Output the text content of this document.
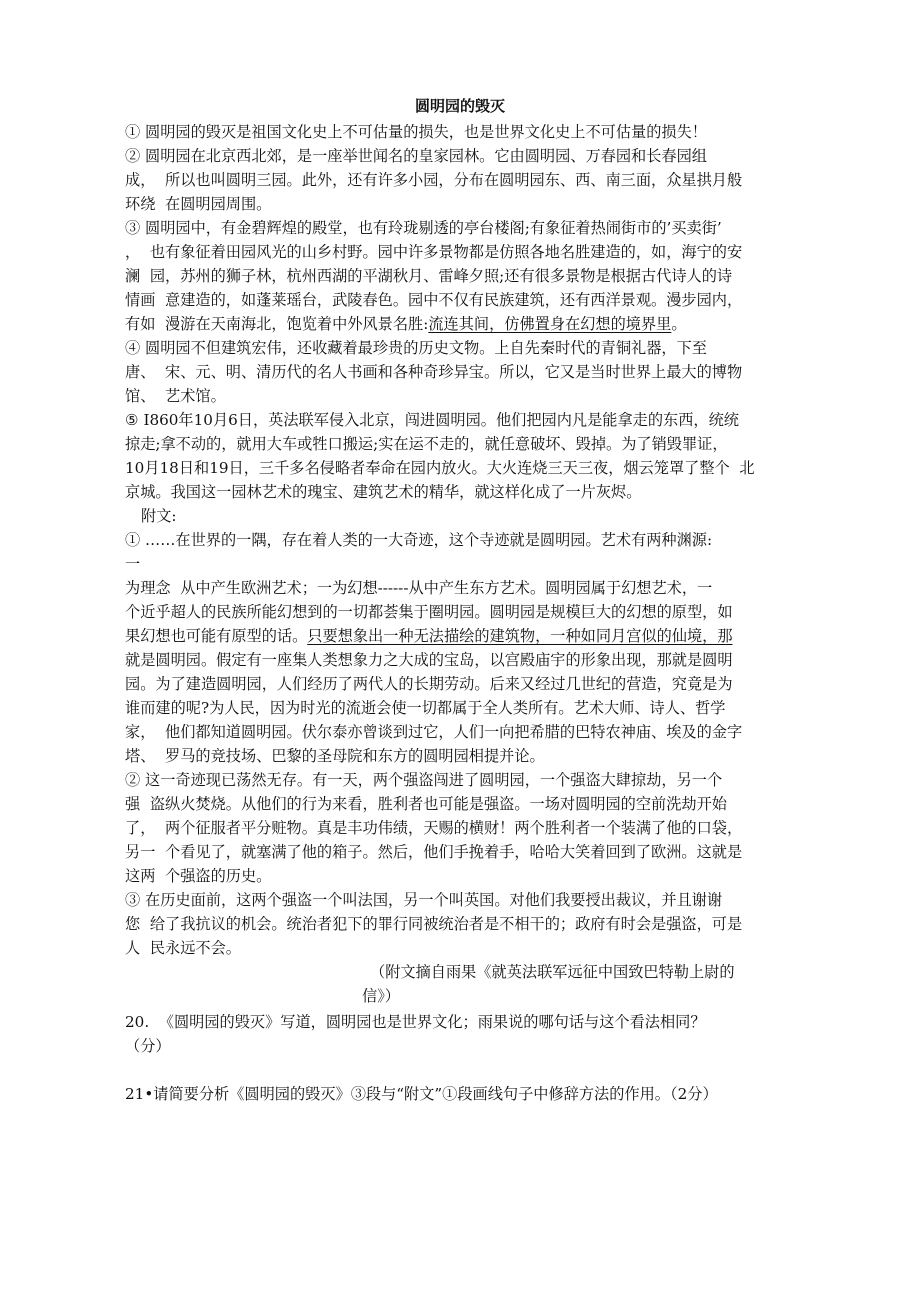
圆明园的毁灭
① 圆明园的毁灭是祖国文化史上不可估量的损失，也是世界文化史上不可估量的损失！
② 圆明园在北京西北郊，是一座举世闻名的皇家园林。它由圆明园、万春园和长春园组
成，  所以也叫圆明三园。此外，还有许多小园，分布在圆明园东、西、南三面，众星拱月般
环绕  在圆明园周围。
③ 圆明园中，有金碧辉煌的殿堂，也有玲珑剔透的亭台楼阁;有象征着热闹街市的’买卖街’
，  也有象征着田园风光的山乡村野。园中许多景物都是仿照各地名胜建造的，如，海宁的安
澜  园，苏州的狮子林，杭州西湖的平湖秋月、雷峰夕照;还有很多景物是根据古代诗人的诗
情画  意建造的，如蓬莱瑶台，武陵春色。园中不仅有民族建筑，还有西洋景观。漫步园内，
有如  漫游在天南海北，饱览着中外风景名胜:流连其间，仿佛置身在幻想的境界里。
④ 圆明园不但建筑宏伟，还收藏着最珍贵的历史文物。上自先秦时代的青铜礼器，下至
唐、  宋、元、明、清历代的名人书画和各种奇珍异宝。所以，它又是当时世界上最大的博物
馆、  艺术馆。
⑤ I860年10月6日，英法联军侵入北京，闯进圆明园。他们把园内凡是能拿走的东西，统统
掠走;拿不动的，就用大车或牲口搬运;实在运不走的，就任意破坏、毁掉。为了销毁罪证，
10月18日和19日，三千多名侵略者奉命在园内放火。大火连烧三天三夜，烟云笼罩了整个  北
京城。我国这一园林艺术的瑰宝、建筑艺术的精华，就这样化成了一片灰烬。
附文:
① ……在世界的一隅，存在着人类的一大奇迹，这个寺迹就是圆明园。艺术有两种渊源:
一
为理念  从中产生欧洲艺术；一为幻想------从中产生东方艺术。圆明园属于幻想艺术，一
个近乎超人的民族所能幻想到的一切都荟集于圈明园。圆明园是规模巨大的幻想的原型，如
果幻想也可能有原型的话。只要想象出一种无法描绘的建筑物，一种如同月宫似的仙境，那
就是圆明园。假定有一座集人类想象力之大成的宝岛，以宫殿庙宇的形象出现，那就是圆明
园。为了建造圆明园，人们经历了两代人的长期劳动。后来又经过几世纪的营造，究竟是为
谁而建的呢?为人民，因为时光的流逝会使一切都属于全人类所有。艺术大师、诗人、哲学
家，  他们都知道圆明园。伏尔泰亦曾谈到过它，人们一向把希腊的巴特农神庙、埃及的金字
塔、  罗马的竞技场、巴黎的圣母院和东方的圆明园相提并论。
② 这一奇迹现已荡然无存。有一天，两个强盗闯进了圆明园，一个强盗大肆掠劫，另一个
强  盗纵火焚烧。从他们的行为来看，胜利者也可能是强盗。一场对圆明园的空前洗劫开始
了，  两个征服者平分赃物。真是丰功伟绩，天赐的横财！两个胜利者一个装满了他的口袋，
另一  个看见了，就塞满了他的箱子。然后，他们手挽着手，哈哈大笑着回到了欧洲。这就是
这两  个强盗的历史。
③ 在历史面前，这两个强盗一个叫法国，另一个叫英国。对他们我要授出裁议，并且谢谢
您  给了我抗议的机会。统治者犯下的罪行同被统治者是不相干的；政府有时会是强盗，可是
人  民永远不会。
（附文摘自雨果《就英法联军远征中国致巴特勒上尉的
信》）
20.  《圆明园的毁灭》写道，圆明园也是世界文化；雨果说的哪句话与这个看法相同？
（分）
21•请简要分析《圆明园的毁灭》③段与“附文”①段画线句子中修辞方法的作用。（2分）
